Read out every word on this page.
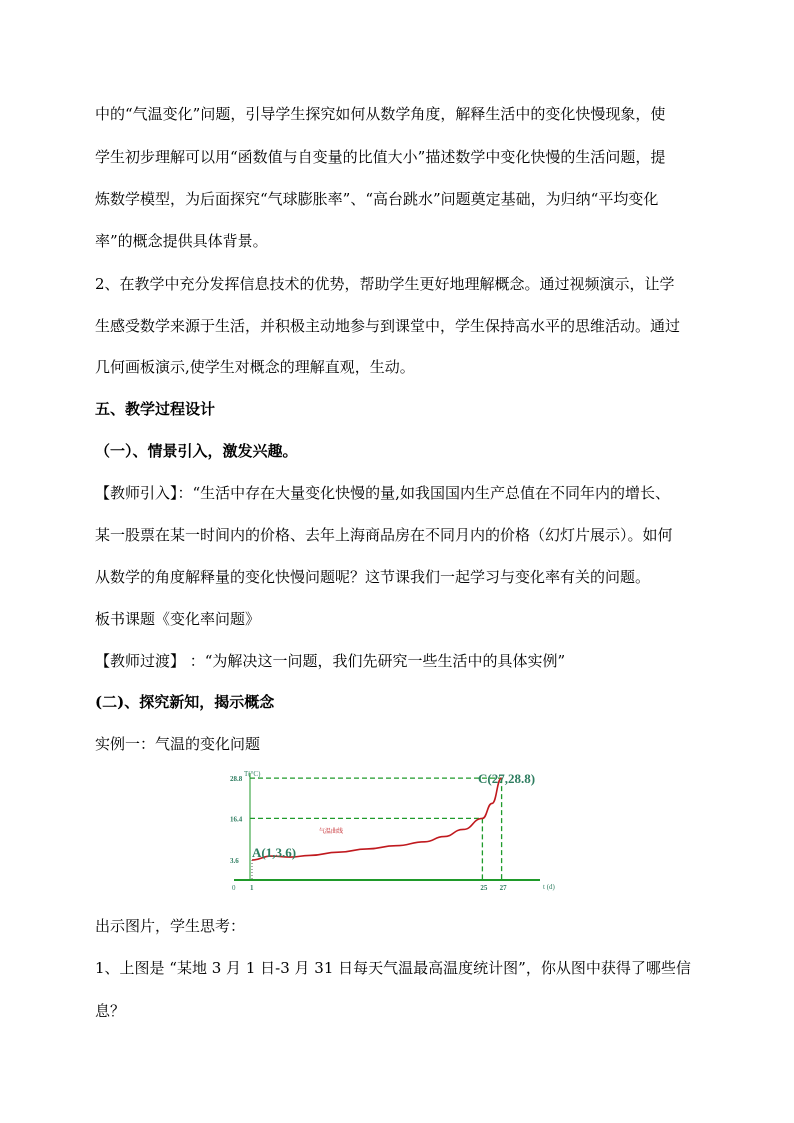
中的“气温变化”问题，引导学生探究如何从数学角度，解释生活中的变化快慢现象，使
学生初步理解可以用“函数值与自变量的比值大小”描述数学中变化快慢的生活问题，提
炼数学模型，为后面探究“气球膨胀率”、“高台跳水”问题奠定基础，为归纳“平均变化
率”的概念提供具体背景。
2、在教学中充分发挥信息技术的优势，帮助学生更好地理解概念。通过视频演示，让学
生感受数学来源于生活，并积极主动地参与到课堂中，学生保持高水平的思维活动。通过
几何画板演示,使学生对概念的理解直观，生动。
五、教学过程设计
（一）、情景引入，激发兴趣。
【教师引入】：“生活中存在大量变化快慢的量,如我国国内生产总值在不同年内的增长、
某一股票在某一时间内的价格、去年上海商品房在不同月内的价格（幻灯片展示）。如何
从数学的角度解释量的变化快慢问题呢？这节课我们一起学习与变化率有关的问题。
板书课题《变化率问题》
【教师过渡】 ：“为解决这一问题，我们先研究一些生活中的具体实例”
(二)、探究新知，揭示概念
实例一：气温的变化问题
T(°C)
t (d)
0
3.6
16.4
28.8
1	25 27
A(1,3.6)
C(27,28.8)
气温曲线
出示图片，学生思考：
1、上图是 “某地 3 月 1 日-3 月 31 日每天气温最高温度统计图”，你从图中获得了哪些信
息？
